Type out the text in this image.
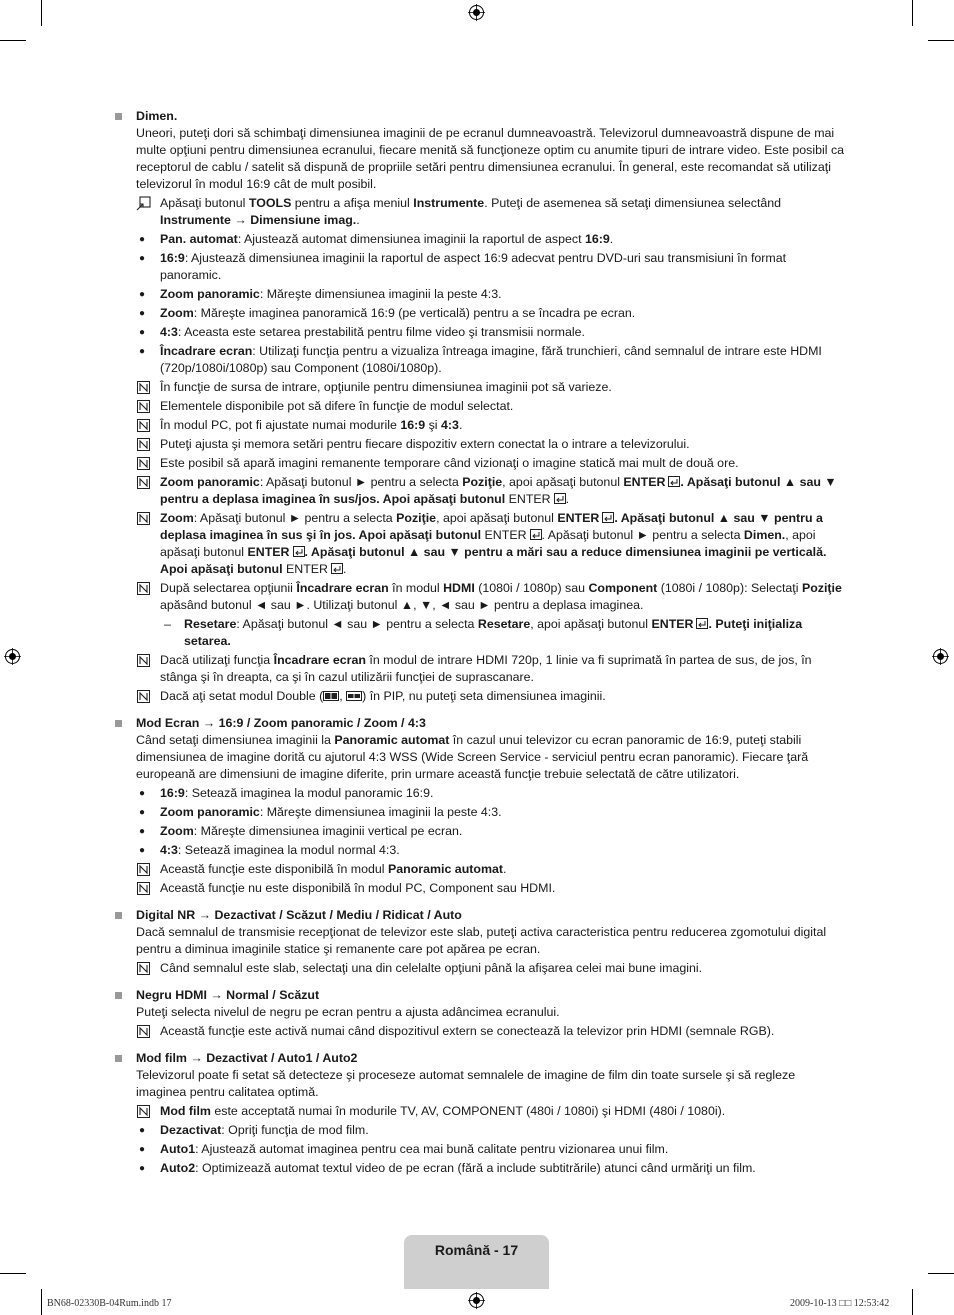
Dimen.

Uneori, puteţi dori să schimbaţi dimensiunea imaginii de pe ecranul dumneavoastră. Televizorul dumneavoastră dispune de mai multe opţiuni pentru dimensiunea ecranului, fiecare menită să funcţioneze optim cu anumite tipuri de intrare video. Este posibil ca receptorul de cablu / satelit să dispună de propriile setări pentru dimensiunea ecranului. În general, este recomandat să utilizaţi televizorul în modul 16:9 cât de mult posibil.

Apăsaţi butonul TOOLS pentru a afişa meniul Instrumente. Puteţi de asemenea să setaţi dimensiunea selectând Instrumente → Dimensiune imag..
● Pan. automat: Ajustează automat dimensiunea imaginii la raportul de aspect 16:9.
● 16:9: Ajustează dimensiunea imaginii la raportul de aspect 16:9 adecvat pentru DVD-uri sau transmisiuni în format panoramic.
● Zoom panoramic: Măreşte dimensiunea imaginii la peste 4:3.
● Zoom: Măreşte imaginea panoramică 16:9 (pe verticală) pentru a se încadra pe ecran.
● 4:3: Aceasta este setarea prestabilită pentru filme video şi transmisii normale.
● Încadrare ecran: Utilizaţi funcţia pentru a vizualiza întreaga imagine, fără trunchieri, când semnalul de intrare este HDMI (720p/1080i/1080p) sau Component (1080i/1080p).
În funcţie de sursa de intrare, opţiunile pentru dimensiunea imaginii pot să varieze.
Elementele disponibile pot să difere în funcţie de modul selectat.
În modul PC, pot fi ajustate numai modurile 16:9 şi 4:3.
Puteţi ajusta şi memora setări pentru fiecare dispozitiv extern conectat la o intrare a televizorului.
Este posibil să apară imagini remanente temporare când vizionaţi o imagine statică mai mult de două ore.
Zoom panoramic: Apăsaţi butonul ► pentru a selecta Poziţie, apoi apăsaţi butonul ENTER . Apăsaţi butonul ▲ sau ▼ pentru a deplasa imaginea în sus/jos. Apoi apăsaţi butonul ENTER .
Zoom: Apăsaţi butonul ► pentru a selecta Poziţie, apoi apăsaţi butonul ENTER . Apăsaţi butonul ▲ sau ▼ pentru a deplasa imaginea în sus şi în jos. Apoi apăsaţi butonul ENTER . Apăsaţi butonul ► pentru a selecta Dimen., apoi apăsaţi butonul ENTER . Apăsaţi butonul ▲ sau ▼ pentru a mări sau a reduce dimensiunea imaginii pe verticală. Apoi apăsaţi butonul ENTER .
După selectarea opţiunii Încadrare ecran în modul HDMI (1080i / 1080p) sau Component (1080i / 1080p): Selectaţi Poziţie apăsând butonul ◄ sau ►. Utilizaţi butonul ▲, ▼, ◄ sau ► pentru a deplasa imaginea.
– Resetare: Apăsaţi butonul ◄ sau ► pentru a selecta Resetare, apoi apăsaţi butonul ENTER . Puteţi iniţializa setarea.
Dacă utilizaţi funcţia Încadrare ecran în modul de intrare HDMI 720p, 1 linie va fi suprimată în partea de sus, de jos, în stânga şi în dreapta, ca şi în cazul utilizării funcţiei de suprascanare.
Dacă aţi setat modul Double ( , ) în PIP, nu puteţi seta dimensiunea imaginii.
Mod Ecran → 16:9 / Zoom panoramic / Zoom / 4:3

Când setaţi dimensiunea imaginii la Panoramic automat în cazul unui televizor cu ecran panoramic de 16:9, puteţi stabili dimensiunea de imagine dorită cu ajutorul 4:3 WSS (Wide Screen Service - serviciul pentru ecran panoramic). Fiecare ţară europeană are dimensiuni de imagine diferite, prin urmare această funcţie trebuie selectată de către utilizatori.

● 16:9: Setează imaginea la modul panoramic 16:9.
● Zoom panoramic: Măreşte dimensiunea imaginii la peste 4:3.
● Zoom: Măreşte dimensiunea imaginii vertical pe ecran.
● 4:3: Setează imaginea la modul normal 4:3.
Această funcţie este disponibilă în modul Panoramic automat.
Această funcţie nu este disponibilă în modul PC, Component sau HDMI.
Digital NR → Dezactivat / Scăzut / Mediu / Ridicat / Auto

Dacă semnalul de transmisie recepţionat de televizor este slab, puteţi activa caracteristica pentru reducerea zgomotului digital pentru a diminua imaginile statice şi remanente care pot apărea pe ecran.

Când semnalul este slab, selectaţi una din celelalte opţiuni până la afişarea celei mai bune imagini.
Negru HDMI → Normal / Scăzut

Puteţi selecta nivelul de negru pe ecran pentru a ajusta adâncimea ecranului.

Această funcţie este activă numai când dispozitivul extern se conectează la televizor prin HDMI (semnale RGB).
Mod film → Dezactivat / Auto1 / Auto2

Televizorul poate fi setat să detecteze şi proceseze automat semnalele de imagine de film din toate sursele şi să regleze imaginea pentru calitatea optimă.

Mod film este acceptată numai în modurile TV, AV, COMPONENT (480i / 1080i) şi HDMI (480i / 1080i).
● Dezactivat: Opriţi funcţia de mod film.
● Auto1: Ajustează automat imaginea pentru cea mai bună calitate pentru vizionarea unui film.
● Auto2: Optimizează automat textul video de pe ecran (fără a include subtitrările) atunci când urmăriţi un film.
Română - 17
BN68-02330B-04Rum.indb 17	2009-10-13 □□ 12:53:42
